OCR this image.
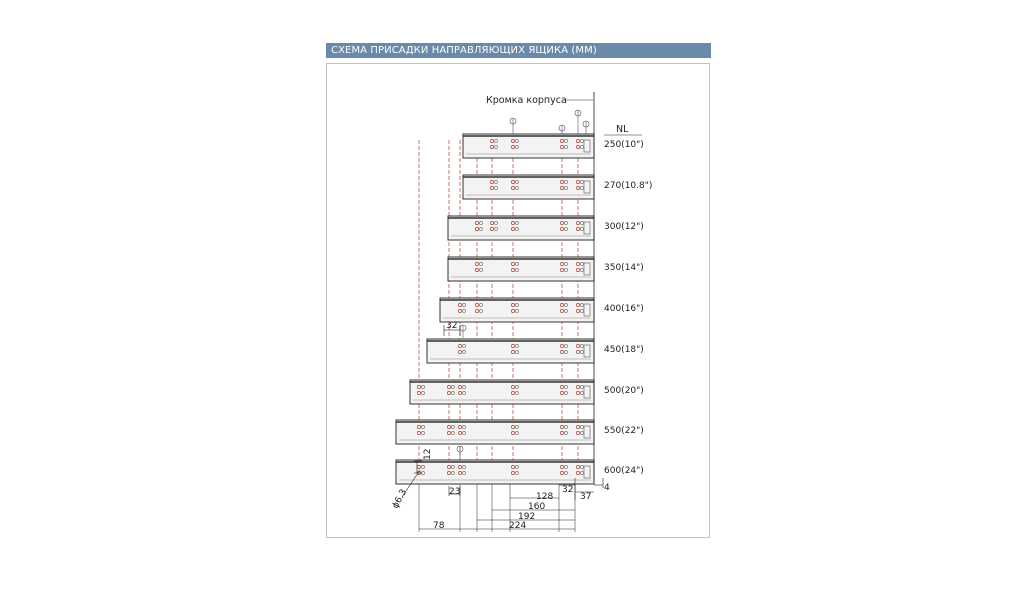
СХЕМА ПРИСАДКИ НАПРАВЛЯЮЩИХ ЯЩИКА (ММ)
Кромка корпуса
NL
250(10")
270(10.8")
300(12")
350(14")
400(16")
450(18")
500(20")
550(22")
600(24")
32
12
23
ϕ6.3	128
32
37
4
160
192
224
78
